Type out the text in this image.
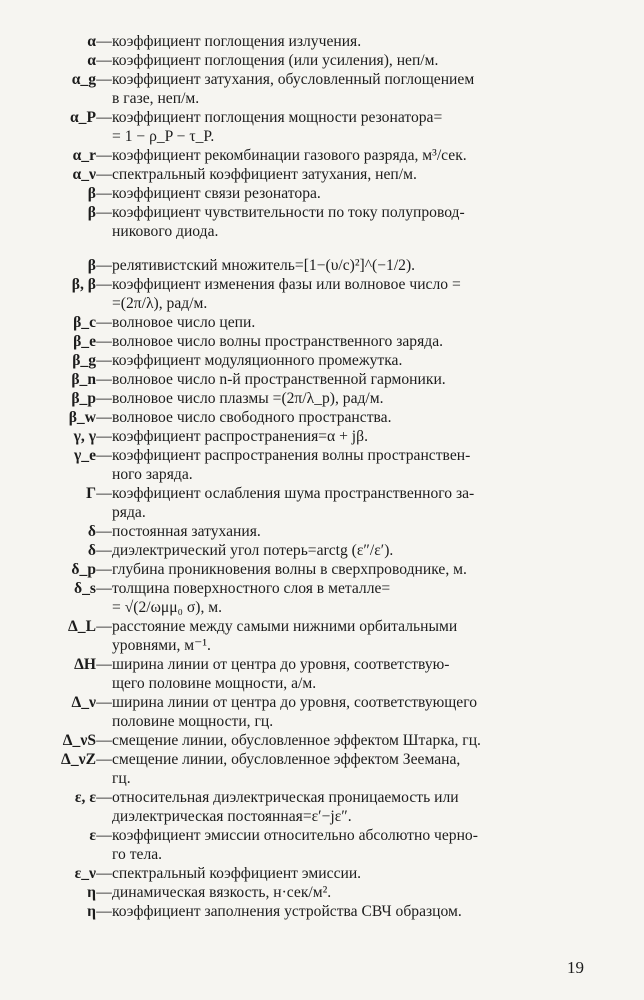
α — коэффициент поглощения излучения.
α — коэффициент поглощения (или усиления), неп/м.
α_g — коэффициент затухания, обусловленный поглощением
в газе, неп/м.
α_P — коэффициент поглощения мощности резонатора=
= 1 − ρ_P − τ_P.
α_r — коэффициент рекомбинации газового разряда, м³/сек.
α_ν — спектральный коэффициент затухания, неп/м.
β — коэффициент связи резонатора.
β — коэффициент чувствительности по току полупровод-
никового диода.
β — релятивистский множитель=[1−(υ/c)²]^(−1/2).
β, β — коэффициент изменения фазы или волновое число =
=(2π/λ), рад/м.
β_c — волновое число цепи.
β_e — волновое число волны пространственного заряда.
β_g — коэффициент модуляционного промежутка.
β_n — волновое число n-й пространственной гармоники.
β_p — волновое число плазмы =(2π/λ_p), рад/м.
β_w — волновое число свободного пространства.
γ, γ — коэффициент распространения=α + jβ.
γ_e — коэффициент распространения волны пространствен-
ного заряда.
Γ — коэффициент ослабления шума пространственного за-
ряда.
δ — постоянная затухания.
δ — диэлектрический угол потерь=arctg (ε″/ε′).
δ_p — глубина проникновения волны в сверхпроводнике, м.
δ_s — толщина поверхностного слоя в металле=
= √(2/ωμμ₀ σ), м.
Δ_L — расстояние между самыми нижними орбитальными
уровнями, м⁻¹.
ΔH — ширина линии от центра до уровня, соответствую-
щего половине мощности, а/м.
Δ_ν — ширина линии от центра до уровня, соответствующего
половине мощности, гц.
Δ_νS — смещение линии, обусловленное эффектом Штарка, гц.
Δ_νZ — смещение линии, обусловленное эффектом Зеемана,
гц.
ε, ε — относительная диэлектрическая проницаемость или
диэлектрическая постоянная=ε′−jε″.
ε — коэффициент эмиссии относительно абсолютно черно-
го тела.
ε_ν — спектральный коэффициент эмиссии.
η — динамическая вязкость, н·сек/м².
η — коэффициент заполнения устройства СВЧ образцом.
19
